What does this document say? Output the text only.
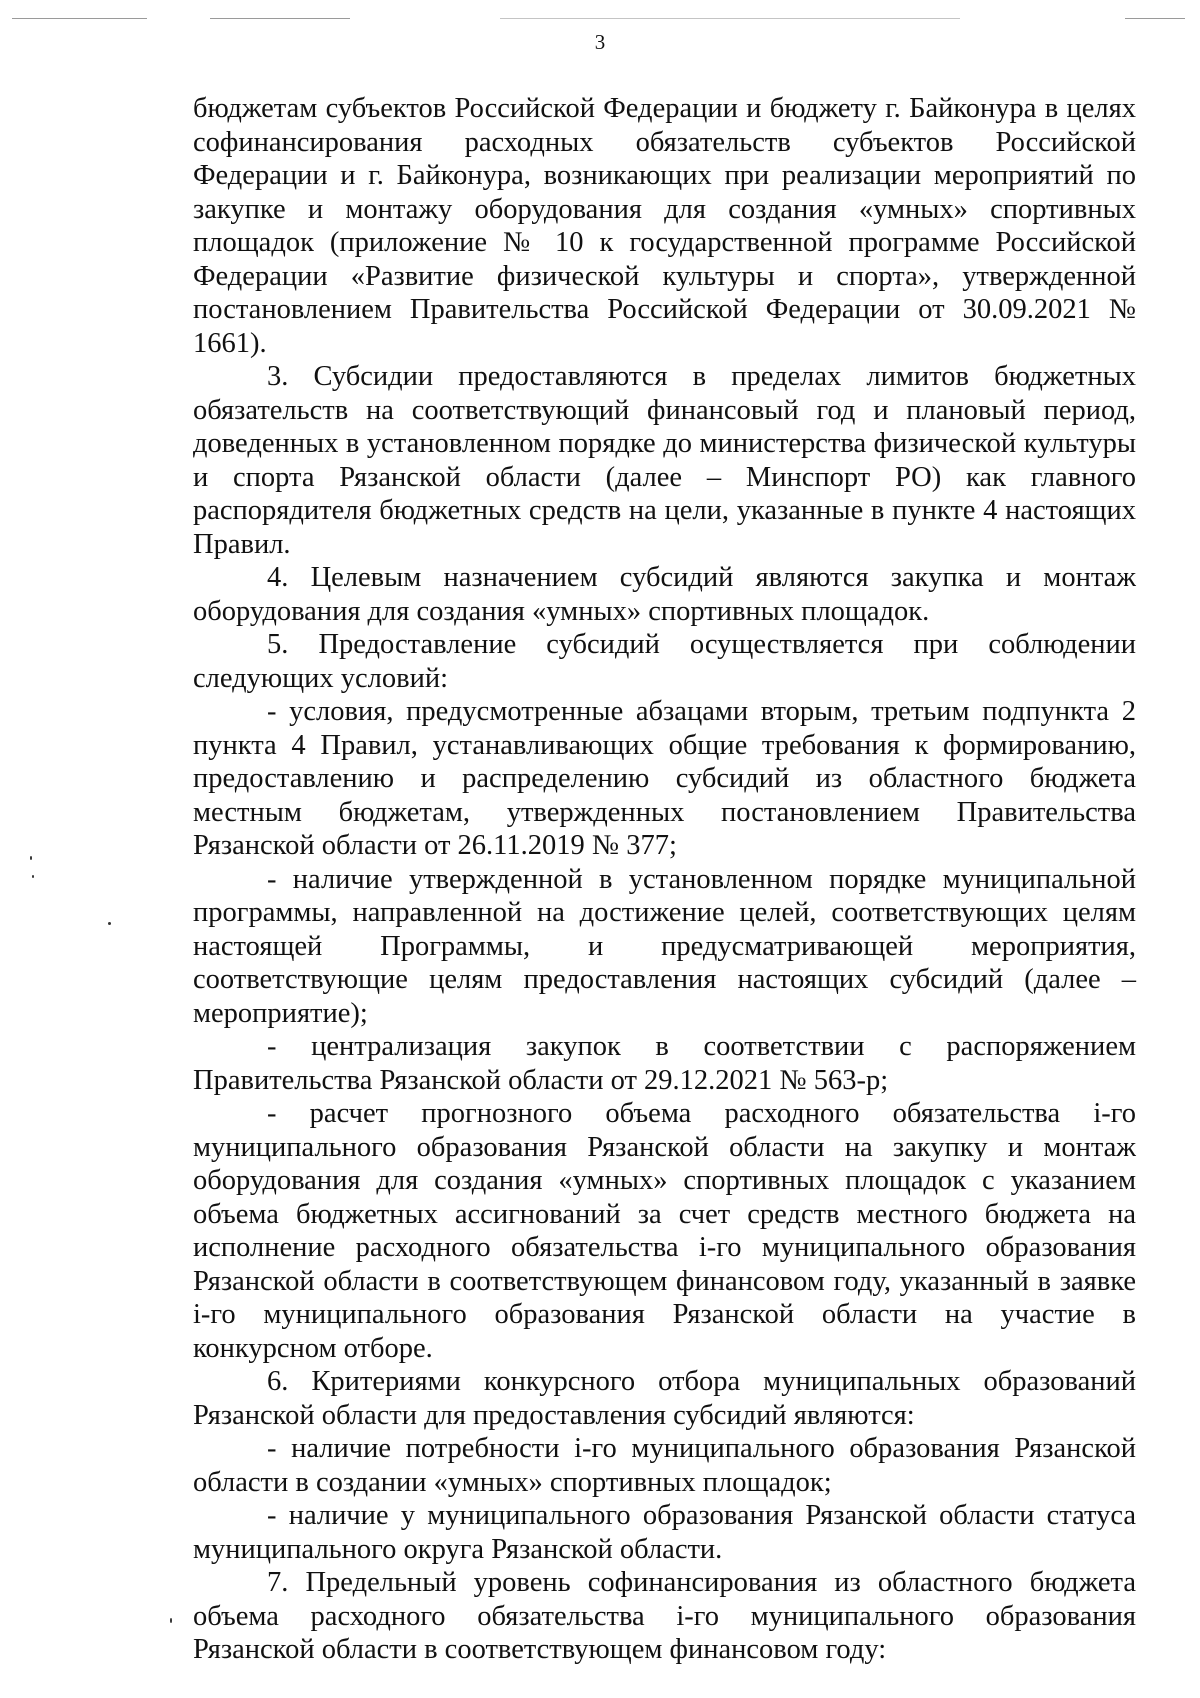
3

бюджетам субъектов Российской Федерации и бюджету г. Байконура в целях софинансирования расходных обязательств субъектов Российской Федерации и г. Байконура, возникающих при реализации мероприятий по закупке и монтажу оборудования для создания «умных» спортивных площадок (приложение № 10 к государственной программе Российской Федерации «Развитие физической культуры и спорта», утвержденной постановлением Правительства Российской Федерации от 30.09.2021 № 1661).

3. Субсидии предоставляются в пределах лимитов бюджетных обязательств на соответствующий финансовый год и плановый период, доведенных в установленном порядке до министерства физической культуры и спорта Рязанской области (далее – Минспорт РО) как главного распорядителя бюджетных средств на цели, указанные в пункте 4 настоящих Правил.

4. Целевым назначением субсидий являются закупка и монтаж оборудования для создания «умных» спортивных площадок.

5. Предоставление субсидий осуществляется при соблюдении следующих условий:

- условия, предусмотренные абзацами вторым, третьим подпункта 2 пункта 4 Правил, устанавливающих общие требования к формированию, предоставлению и распределению субсидий из областного бюджета местным бюджетам, утвержденных постановлением Правительства Рязанской области от 26.11.2019 № 377;

- наличие утвержденной в установленном порядке муниципальной программы, направленной на достижение целей, соответствующих целям настоящей Программы, и предусматривающей мероприятия, соответствующие целям предоставления настоящих субсидий (далее – мероприятие);

- централизация закупок в соответствии с распоряжением Правительства Рязанской области от 29.12.2021 № 563-р;

- расчет прогнозного объема расходного обязательства i-го муниципального образования Рязанской области на закупку и монтаж оборудования для создания «умных» спортивных площадок с указанием объема бюджетных ассигнований за счет средств местного бюджета на исполнение расходного обязательства i-го муниципального образования Рязанской области в соответствующем финансовом году, указанный в заявке i-го муниципального образования Рязанской области на участие в конкурсном отборе.

6. Критериями конкурсного отбора муниципальных образований Рязанской области для предоставления субсидий являются:

- наличие потребности i-го муниципального образования Рязанской области в создании «умных» спортивных площадок;

- наличие у муниципального образования Рязанской области статуса муниципального округа Рязанской области.

7. Предельный уровень софинансирования из областного бюджета объема расходного обязательства i-го муниципального образования Рязанской области в соответствующем финансовом году:
